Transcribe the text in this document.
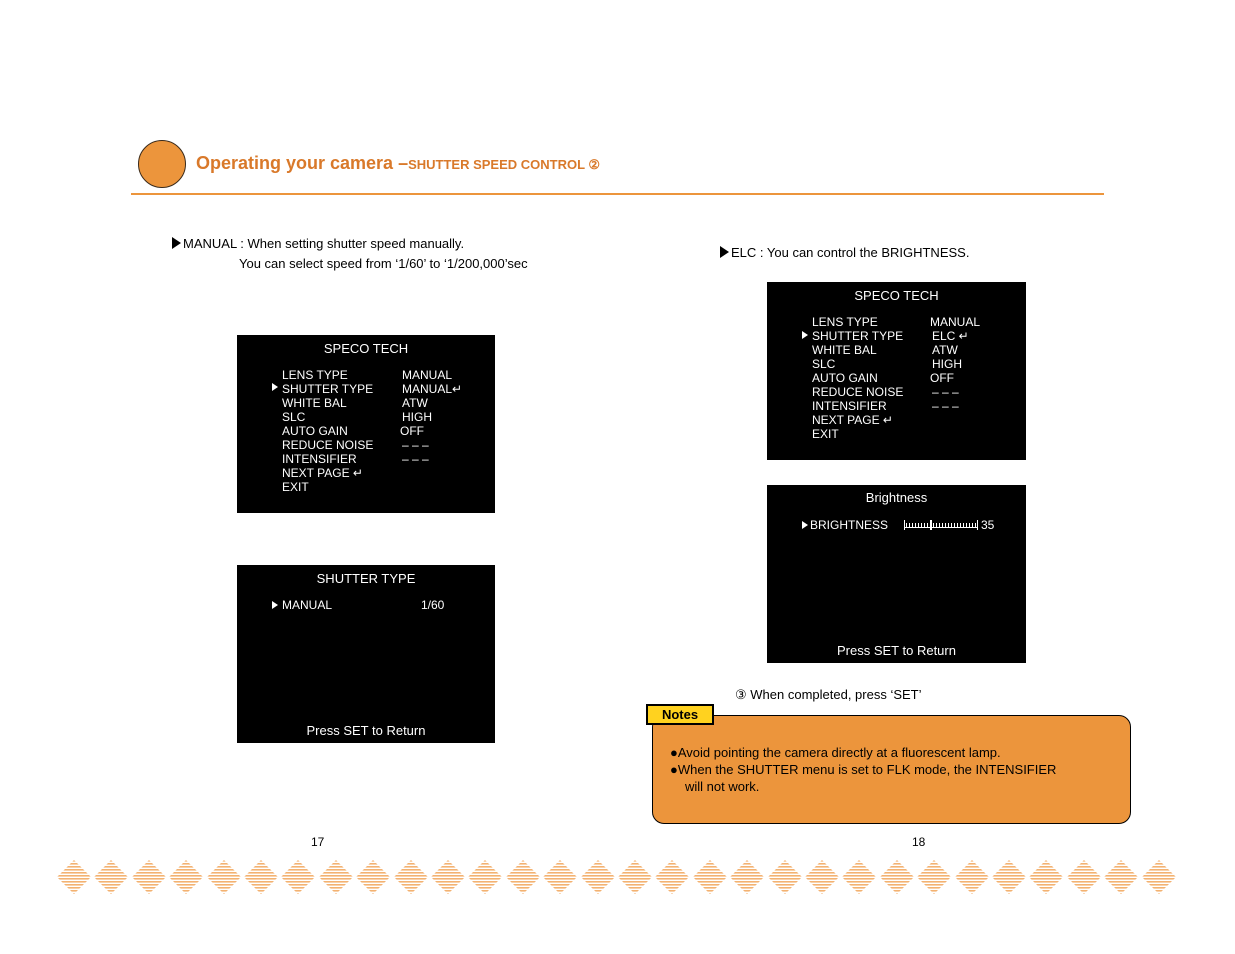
Operating your camera –SHUTTER SPEED CONTROL ②
MANUAL : When setting shutter speed manually.
You can select speed from ‘1/60’ to ‘1/200,000’sec
SPECO TECH
LENS TYPE	MANUAL
SHUTTER TYPE MANUAL↵
WHITE BAL	ATW
SLC	HIGH
AUTO GAIN	OFF
REDUCE NOISE – – –
INTENSIFIER	– – –
NEXT PAGE ↵
EXIT
SHUTTER TYPE
MANUAL	1/60
Press SET to Return
17
ELC : You can control the BRIGHTNESS.
SPECO TECH
LENS TYPE	MANUAL
SHUTTER TYPE ELC ↵
WHITE BAL	ATW
SLC	HIGH
AUTO GAIN	OFF
REDUCE NOISE – – –
INTENSIFIER	– – –
NEXT PAGE ↵
EXIT
Brightness
BRIGHTNESS	35
Press SET to Return
③ When completed, press ‘SET’
Notes
●Avoid pointing the camera directly at a fluorescent lamp.
●When the SHUTTER menu is set to FLK mode, the INTENSIFIER
will not work.
18
